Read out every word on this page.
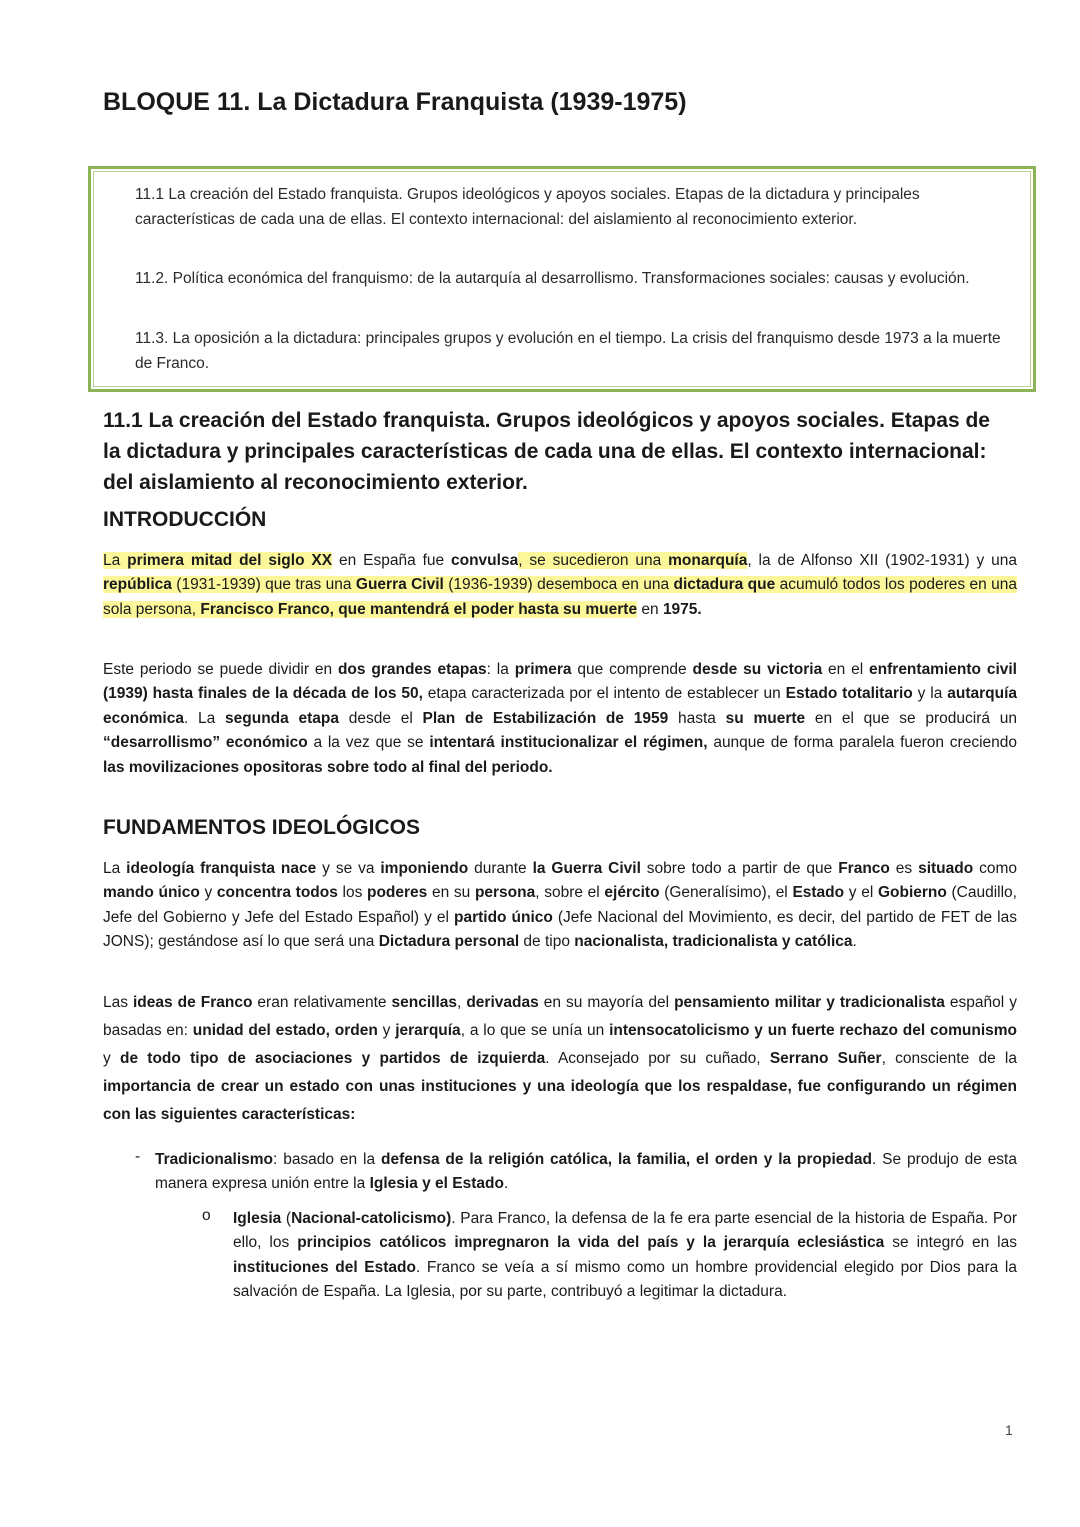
BLOQUE 11. La Dictadura Franquista (1939-1975)

11.1 La creación del Estado franquista. Grupos ideológicos y apoyos sociales. Etapas de la dictadura y principales características de cada una de ellas. El contexto internacional: del aislamiento al reconocimiento exterior.

11.2. Política económica del franquismo: de la autarquía al desarrollismo. Transformaciones sociales: causas y evolución.

11.3. La oposición a la dictadura: principales grupos y evolución en el tiempo. La crisis del franquismo desde 1973 a la muerte de Franco.

11.1 La creación del Estado franquista. Grupos ideológicos y apoyos sociales. Etapas de la dictadura y principales características de cada una de ellas. El contexto internacional: del aislamiento al reconocimiento exterior.
INTRODUCCIÓN

La primera mitad del siglo XX en España fue convulsa, se sucedieron una monarquía, la de Alfonso XII (1902-1931) y una república (1931-1939) que tras una Guerra Civil (1936-1939) desemboca en una dictadura que acumuló todos los poderes en una sola persona, Francisco Franco, que mantendrá el poder hasta su muerte en 1975.

Este periodo se puede dividir en dos grandes etapas: la primera que comprende desde su victoria en el enfrentamiento civil (1939) hasta finales de la década de los 50, etapa caracterizada por el intento de establecer un Estado totalitario y la autarquía económica. La segunda etapa desde el Plan de Estabilización de 1959 hasta su muerte en el que se producirá un “desarrollismo” económico a la vez que se intentará institucionalizar el régimen, aunque de forma paralela fueron creciendo las movilizaciones opositoras sobre todo al final del periodo.

FUNDAMENTOS IDEOLÓGICOS

La ideología franquista nace y se va imponiendo durante la Guerra Civil sobre todo a partir de que Franco es situado como mando único y concentra todos los poderes en su persona, sobre el ejército (Generalísimo), el Estado y el Gobierno (Caudillo, Jefe del Gobierno y Jefe del Estado Español) y el partido único (Jefe Nacional del Movimiento, es decir, del partido de FET de las JONS); gestándose así lo que será una Dictadura personal de tipo nacionalista, tradicionalista y católica.

Las ideas de Franco eran relativamente sencillas, derivadas en su mayoría del pensamiento militar y tradicionalista español y basadas en: unidad del estado, orden y jerarquía, a lo que se unía un intensocatolicismo y un fuerte rechazo del comunismo y de todo tipo de asociaciones y partidos de izquierda. Aconsejado por su cuñado, Serrano Suñer, consciente de la importancia de crear un estado con unas instituciones y una ideología que los respaldase, fue configurando un régimen con las siguientes características:

- Tradicionalismo: basado en la defensa de la religión católica, la familia, el orden y la propiedad. Se produjo de esta manera expresa unión entre la Iglesia y el Estado.

o Iglesia (Nacional-catolicismo). Para Franco, la defensa de la fe era parte esencial de la historia de España. Por ello, los principios católicos impregnaron la vida del país y la jerarquía eclesiástica se integró en las instituciones del Estado. Franco se veía a sí mismo como un hombre providencial elegido por Dios para la salvación de España. La Iglesia, por su parte, contribuyó a legitimar la dictadura.

1
